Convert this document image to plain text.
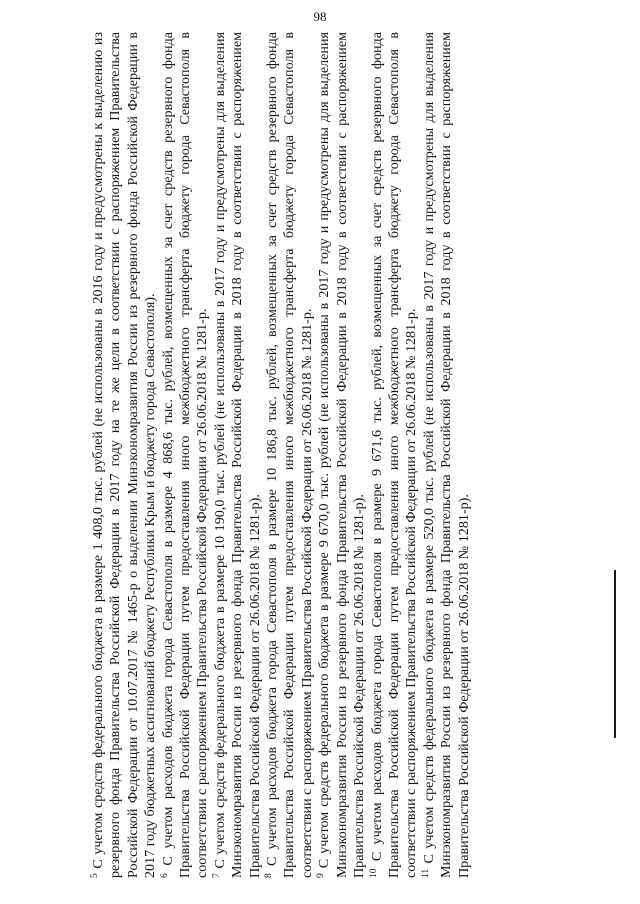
98

$^5$ С учетом средств федерального бюджета в размере 1 408,0 тыс. рублей (не использованы в 2016 году и предусмотрены к выделению из резервного фонда Правительства Российской Федерации в 2017 году на те же цели в соответствии с распоряжением Правительства Российской Федерации от 10.07.2017 № 1465-р о выделении Минэкономразвития России из резервного фонда Российской Федерации в 2017 году бюджетных ассигнований бюджету Республики Крым и бюджету города Севастополя). $^6$ С учетом расходов бюджета города Севастополя в размере 4 868,6 тыс. рублей, возмещенных за счет средств резервного фонда Правительства Российской Федерации путем предоставления иного межбюджетного трансферта бюджету города Севастополя в соответствии с распоряжением Правительства Российской Федерации от 26.06.2018 № 1281-р. $^7$ С учетом средств федерального бюджета в размере 10 190,0 тыс. рублей (не использованы в 2017 году и предусмотрены для выделения Минэкономразвития России из резервного фонда Правительства Российской Федерации в 2018 году в соответствии с распоряжением Правительства Российской Федерации от 26.06.2018 № 1281-р). $^8$ С учетом расходов бюджета города Севастополя в размере 10 186,8 тыс. рублей, возмещенных за счет средств резервного фонда Правительства Российской Федерации путем предоставления иного межбюджетного трансферта бюджету города Севастополя в соответствии с распоряжением Правительства Российской Федерации от 26.06.2018 № 1281-р. $^9$ С учетом средств федерального бюджета в размере 9 670,0 тыс. рублей (не использованы в 2017 году и предусмотрены для выделения Минэкономразвития России из резервного фонда Правительства Российской Федерации в 2018 году в соответствии с распоряжением Правительства Российской Федерации от 26.06.2018 № 1281-р). $^{10}$ С учетом расходов бюджета города Севастополя в размере 9 671,6 тыс. рублей, возмещенных за счет средств резервного фонда Правительства Российской Федерации путем предоставления иного межбюджетного трансферта бюджету города Севастополя в соответствии с распоряжением Правительства Российской Федерации от 26.06.2018 № 1281-р. $^{11}$ С учетом средств федерального бюджета в размере 520,0 тыс. рублей (не использованы в 2017 году и предусмотрены для выделения Минэкономразвития России из резервного фонда Правительства Российской Федерации в 2018 году в соответствии с распоряжением Правительства Российской Федерации от 26.06.2018 № 1281-р).
